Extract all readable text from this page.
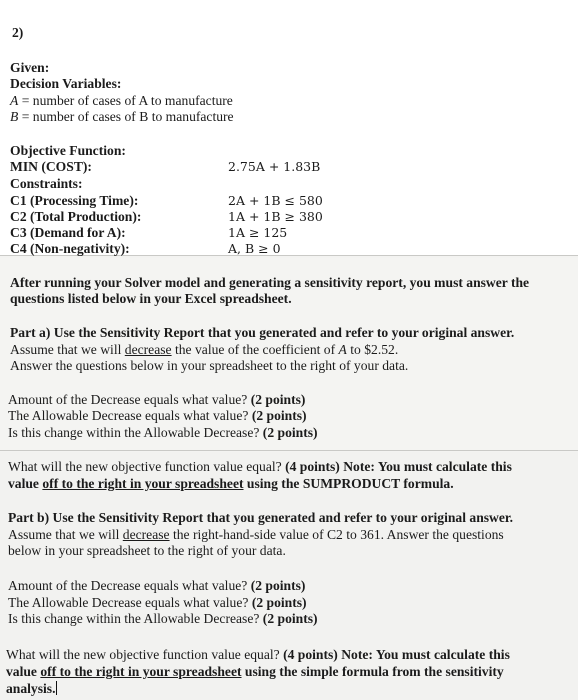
2)
Given:
Decision Variables:
A = number of cases of A to manufacture
B = number of cases of B to manufacture
Objective Function:
MIN (COST):	2.75A + 1.83B
Constraints:
C1 (Processing Time):	2A + 1B ≤ 580
C2 (Total Production):	1A + 1B ≥ 380
C3 (Demand for A):	1A ≥ 125
C4 (Non-negativity):	A, B ≥ 0
After running your Solver model and generating a sensitivity report, you must answer the
questions listed below in your Excel spreadsheet.
Part a) Use the Sensitivity Report that you generated and refer to your original answer.
Assume that we will decrease the value of the coefficient of A to $2.52.
Answer the questions below in your spreadsheet to the right of your data.
Amount of the Decrease equals what value? (2 points)
The Allowable Decrease equals what value? (2 points)
Is this change within the Allowable Decrease? (2 points)
What will the new objective function value equal? (4 points) Note: You must calculate this
value off to the right in your spreadsheet using the SUMPRODUCT formula.
Part b) Use the Sensitivity Report that you generated and refer to your original answer.
Assume that we will decrease the right-hand-side value of C2 to 361. Answer the questions
below in your spreadsheet to the right of your data.
Amount of the Decrease equals what value? (2 points)
The Allowable Decrease equals what value? (2 points)
Is this change within the Allowable Decrease? (2 points)
What will the new objective function value equal? (4 points) Note: You must calculate this
value off to the right in your spreadsheet using the simple formula from the sensitivity
analysis.
